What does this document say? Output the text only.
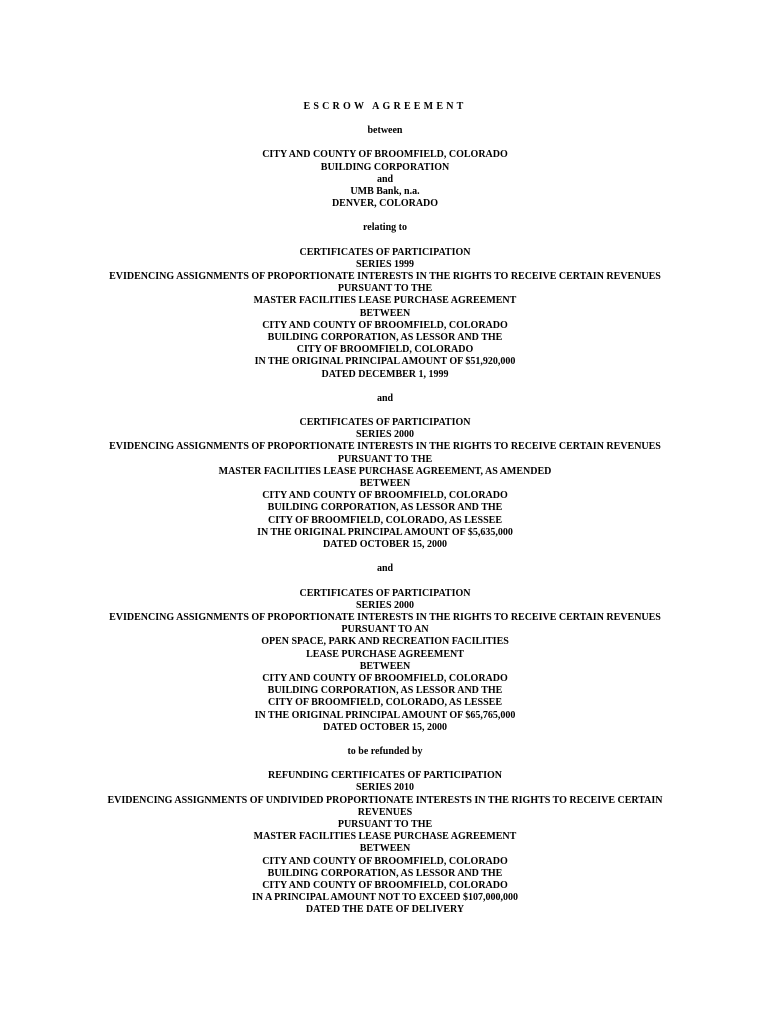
ESCROW AGREEMENT
between
CITY AND COUNTY OF BROOMFIELD, COLORADO
BUILDING CORPORATION
and
UMB Bank, n.a.
DENVER, COLORADO
relating to
CERTIFICATES OF PARTICIPATION
SERIES 1999
EVIDENCING ASSIGNMENTS OF PROPORTIONATE INTERESTS IN THE RIGHTS TO RECEIVE CERTAIN REVENUES
PURSUANT TO THE
MASTER FACILITIES LEASE PURCHASE AGREEMENT
BETWEEN
CITY AND COUNTY OF BROOMFIELD, COLORADO
BUILDING CORPORATION, AS LESSOR AND THE
CITY OF BROOMFIELD, COLORADO
IN THE ORIGINAL PRINCIPAL AMOUNT OF $51,920,000
DATED DECEMBER 1, 1999
and
CERTIFICATES OF PARTICIPATION
SERIES 2000
EVIDENCING ASSIGNMENTS OF PROPORTIONATE INTERESTS IN THE RIGHTS TO RECEIVE CERTAIN REVENUES
PURSUANT TO THE
MASTER FACILITIES LEASE PURCHASE AGREEMENT, AS AMENDED
BETWEEN
CITY AND COUNTY OF BROOMFIELD, COLORADO
BUILDING CORPORATION, AS LESSOR AND THE
CITY OF BROOMFIELD, COLORADO, AS LESSEE
IN THE ORIGINAL PRINCIPAL AMOUNT OF $5,635,000
DATED OCTOBER 15, 2000
and
CERTIFICATES OF PARTICIPATION
SERIES 2000
EVIDENCING ASSIGNMENTS OF PROPORTIONATE INTERESTS IN THE RIGHTS TO RECEIVE CERTAIN REVENUES
PURSUANT TO AN
OPEN SPACE, PARK AND RECREATION FACILITIES
LEASE PURCHASE AGREEMENT
BETWEEN
CITY AND COUNTY OF BROOMFIELD, COLORADO
BUILDING CORPORATION, AS LESSOR AND THE
CITY OF BROOMFIELD, COLORADO, AS LESSEE
IN THE ORIGINAL PRINCIPAL AMOUNT OF $65,765,000
DATED OCTOBER 15, 2000
to be refunded by
REFUNDING CERTIFICATES OF PARTICIPATION
SERIES 2010
EVIDENCING ASSIGNMENTS OF UNDIVIDED PROPORTIONATE INTERESTS IN THE RIGHTS TO RECEIVE CERTAIN
REVENUES
PURSUANT TO THE
MASTER FACILITIES LEASE PURCHASE AGREEMENT
BETWEEN
CITY AND COUNTY OF BROOMFIELD, COLORADO
BUILDING CORPORATION, AS LESSOR AND THE
CITY AND COUNTY OF BROOMFIELD, COLORADO
IN A PRINCIPAL AMOUNT NOT TO EXCEED $107,000,000
DATED THE DATE OF DELIVERY
